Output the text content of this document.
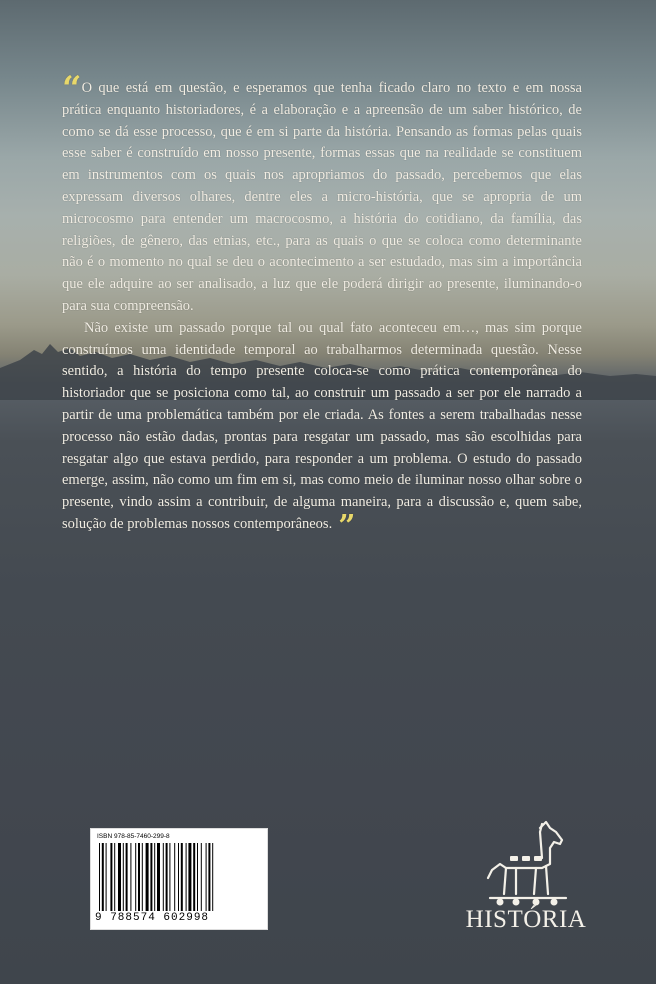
“ O que está em questão, e esperamos que tenha ficado claro no texto e em nossa prática enquanto historiadores, é a elaboração e a apreensão de um saber histórico, de como se dá esse processo, que é em si parte da história. Pensando as formas pelas quais esse saber é construído em nosso presente, formas essas que na realidade se constituem em instrumentos com os quais nos apropriamos do passado, percebemos que elas expressam diversos olhares, dentre eles a micro-história, que se apropria de um microcosmo para entender um macrocosmo, a história do cotidiano, da família, das religiões, de gênero, das etnias, etc., para as quais o que se coloca como determinante não é o momento no qual se deu o acontecimento a ser estudado, mas sim a importância que ele adquire ao ser analisado, a luz que ele poderá dirigir ao presente, iluminando-o para sua compreensão.

Não existe um passado porque tal ou qual fato aconteceu em…, mas sim porque construímos uma identidade temporal ao trabalharmos determinada questão. Nesse sentido, a história do tempo presente coloca-se como prática contemporânea do historiador que se posiciona como tal, ao construir um passado a ser por ele narrado a partir de uma problemática também por ele criada. As fontes a serem trabalhadas nesse processo não estão dadas, prontas para resgatar um passado, mas são escolhidas para resgatar algo que estava perdido, para responder a um problema. O estudo do passado emerge, assim, não como um fim em si, mas como meio de iluminar nosso olhar sobre o presente, vindo assim a contribuir, de alguma maneira, para a discussão e, quem sabe, solução de problemas nossos contemporâneos. ”

ISBN 978-85-7460-299-8
9 788574 602998	HISTÓRIA
